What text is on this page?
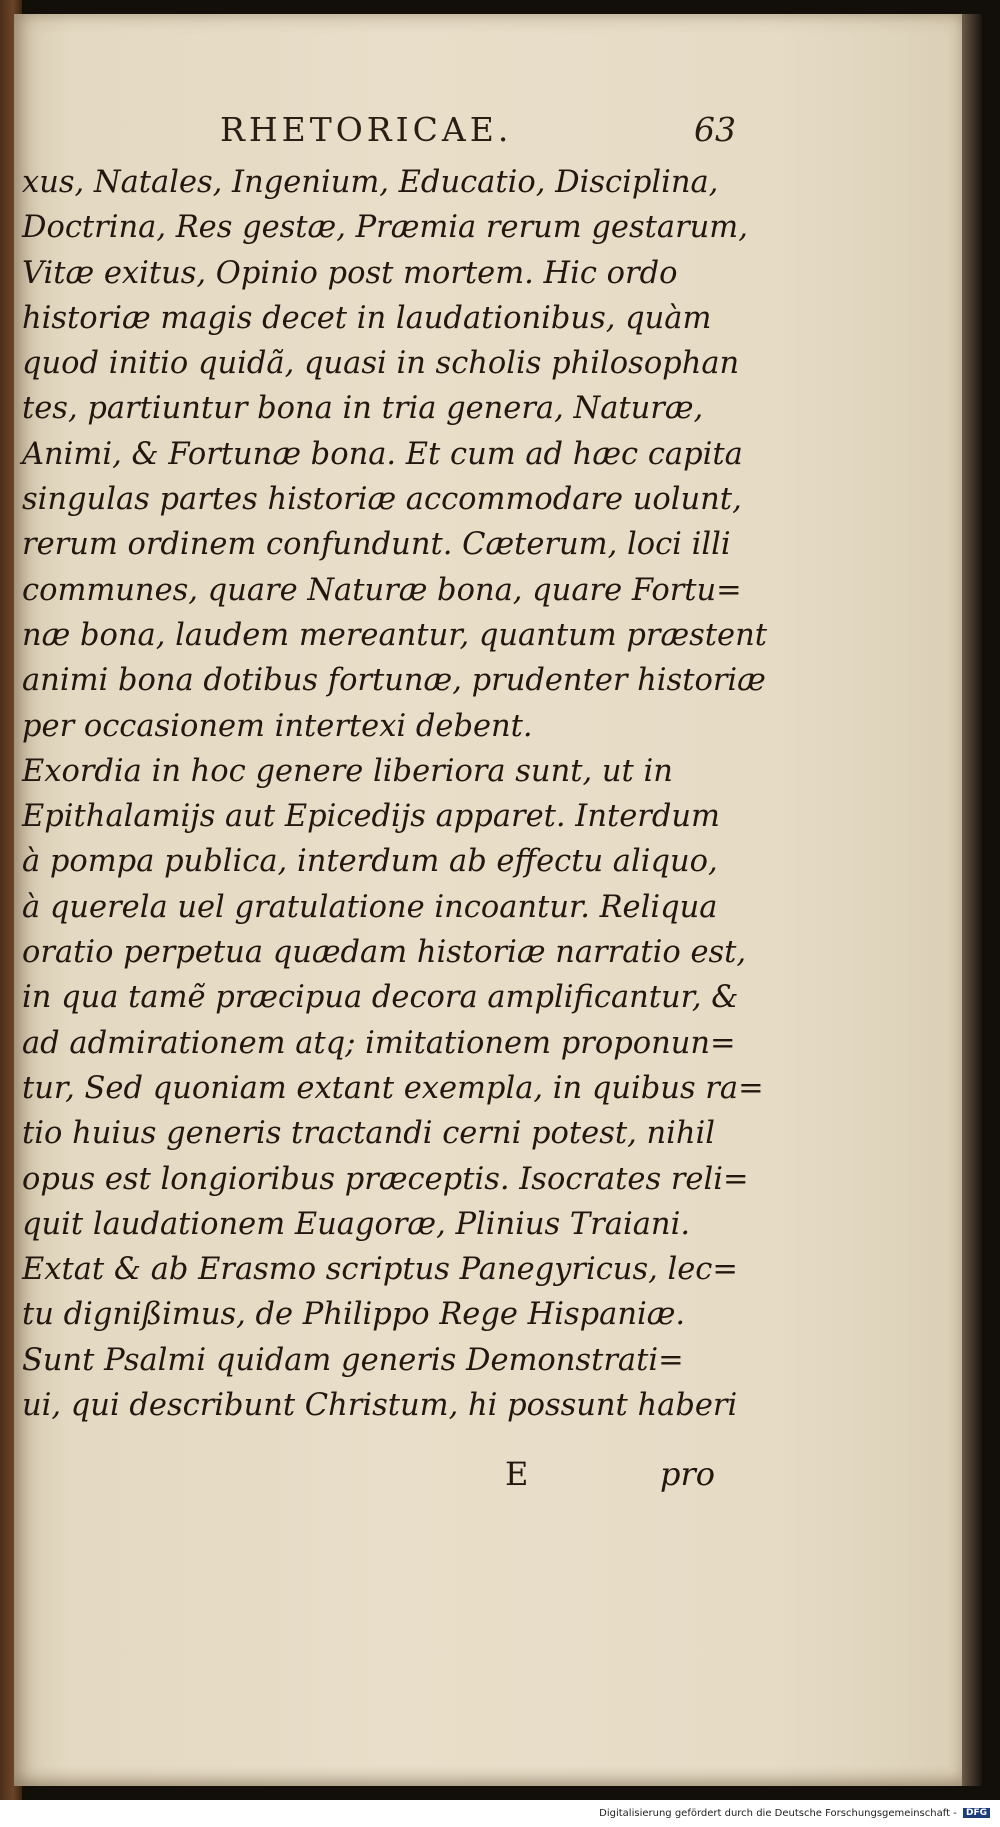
RHETORICAE.	63
xus, Natales, Ingenium, Educatio, Disciplina,
Doctrina, Res gestæ, Præmia rerum gestarum,
Vitæ exitus, Opinio post mortem. Hic ordo
historiæ magis decet in laudationibus, quàm
quod initio quidã, quasi in scholis philosophan
tes, partiuntur bona in tria genera, Naturæ,
Animi, & Fortunæ bona. Et cum ad hæc capita
singulas partes historiæ accommodare uolunt,
rerum ordinem confundunt. Cæterum, loci illi
communes, quare Naturæ bona, quare Fortu=
næ bona, laudem mereantur, quantum præstent
animi bona dotibus fortunæ, prudenter historiæ
per occasionem intertexi debent.
Exordia in hoc genere liberiora sunt, ut in
Epithalamijs aut Epicedijs apparet. Interdum
à pompa publica, interdum ab effectu aliquo,
à querela uel gratulatione incoantur. Reliqua
oratio perpetua quædam historiæ narratio est,
in qua tamẽ præcipua decora amplificantur, &
ad admirationem atq; imitationem proponun=
tur, Sed quoniam extant exempla, in quibus ra=
tio huius generis tractandi cerni potest, nihil
opus est longioribus præceptis. Isocrates reli=
quit laudationem Euagoræ, Plinius Traiani.
Extat & ab Erasmo scriptus Panegyricus, lec=
tu dignißimus, de Philippo Rege Hispaniæ.
Sunt Psalmi quidam generis Demonstrati=
ui, qui describunt Christum, hi possunt haberi
E	pro
Digitalisierung gefördert durch die Deutsche Forschungsgemeinschaft - DFG
